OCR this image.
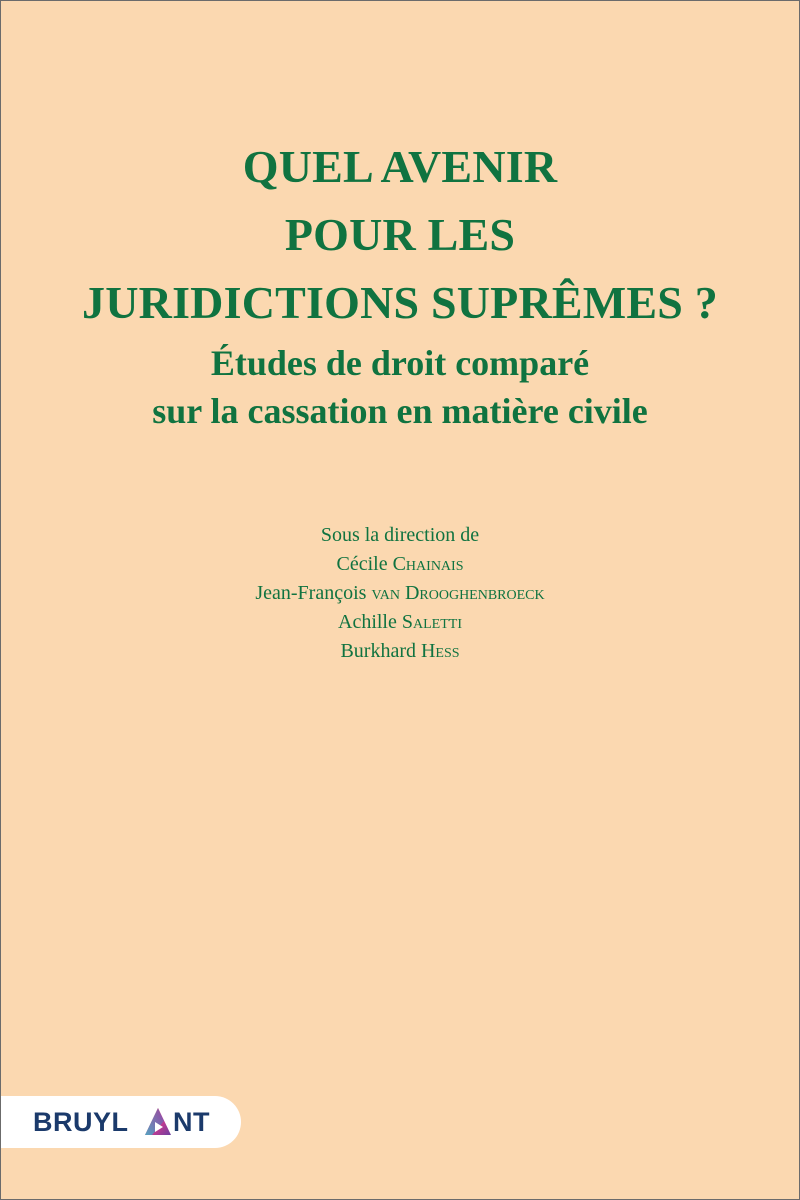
QUEL AVENIR
POUR LES
JURIDICTIONS SUPRÊMES ?
Études de droit comparé
sur la cassation en matière civile
Sous la direction de
Cécile Chainais
Jean-François van Drooghenbroeck
Achille Saletti
Burkhard Hess
BRUYL NT
